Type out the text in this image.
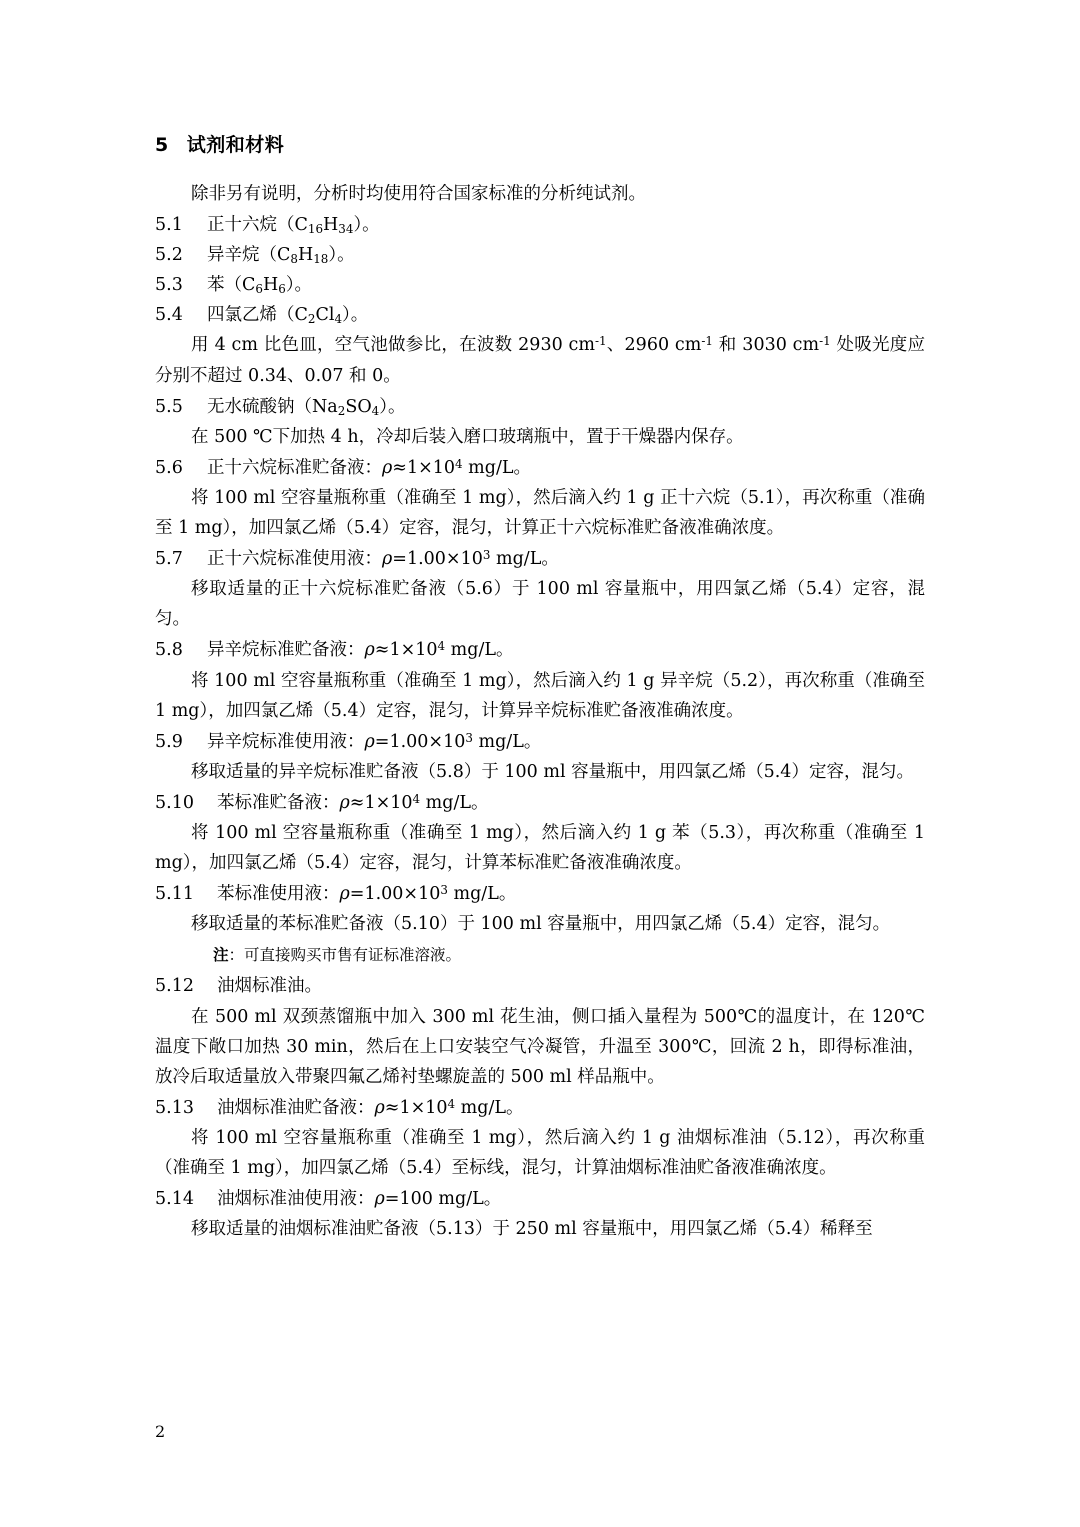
5 试剂和材料

除非另有说明，分析时均使用符合国家标准的分析纯试剂。

5.1 正十六烷$(C_{16}H_{34})$。

5.2 异辛烷$(C_8H_{18})$。

5.3 苯$(C_6H_6)$。

5.4 四氯乙烯$(C_2Cl_4)$。

用 4 cm 比色皿，空气池做参比，在波数 2930 $cm^{-1}$、2960 $cm^{-1}$ 和 3030 $cm^{-1}$ 处吸光度应分别不超过 0.34、0.07 和 0。

5.5 无水硫酸钠$(Na_2SO_4)$。

在 500 ℃下加热 4 h，冷却后装入磨口玻璃瓶中，置于干燥器内保存。

5.6 正十六烷标准贮备液：$\rho\approx 1\times 10^4$ mg/L。

将 100 ml 空容量瓶称重（准确至 1 mg），然后滴入约 1 g 正十六烷（5.1），再次称重（准确至 1 mg），加四氯乙烯（5.4）定容，混匀，计算正十六烷标准贮备液准确浓度。

5.7 正十六烷标准使用液：$\rho=1.00\times 10^3$ mg/L。

移取适量的正十六烷标准贮备液（5.6）于 100 ml 容量瓶中，用四氯乙烯（5.4）定容，混匀。

5.8 异辛烷标准贮备液：$\rho\approx 1\times 10^4$ mg/L。

将 100 ml 空容量瓶称重（准确至 1 mg），然后滴入约 1 g 异辛烷（5.2），再次称重（准确至 1 mg），加四氯乙烯（5.4）定容，混匀，计算异辛烷标准贮备液准确浓度。

5.9 异辛烷标准使用液：$\rho=1.00\times 10^3$ mg/L。

移取适量的异辛烷标准贮备液（5.8）于 100 ml 容量瓶中，用四氯乙烯（5.4）定容，混匀。

5.10 苯标准贮备液：$\rho\approx 1\times 10^4$ mg/L。

将 100 ml 空容量瓶称重（准确至 1 mg），然后滴入约 1 g 苯（5.3），再次称重（准确至 1 mg），加四氯乙烯（5.4）定容，混匀，计算苯标准贮备液准确浓度。

5.11 苯标准使用液：$\rho=1.00\times 10^3$ mg/L。

移取适量的苯标准贮备液（5.10）于 100 ml 容量瓶中，用四氯乙烯（5.4）定容，混匀。

注：可直接购买市售有证标准溶液。

5.12 油烟标准油。

在 500 ml 双颈蒸馏瓶中加入 300 ml 花生油，侧口插入量程为 500℃的温度计，在 120℃温度下敞口加热 30 min，然后在上口安装空气冷凝管，升温至 300℃，回流 2 h，即得标准油，放冷后取适量放入带聚四氟乙烯衬垫螺旋盖的 500 ml 样品瓶中。

5.13 油烟标准油贮备液：$\rho\approx 1\times 10^4$ mg/L。

将 100 ml 空容量瓶称重（准确至 1 mg），然后滴入约 1 g 油烟标准油（5.12），再次称重（准确至 1 mg），加四氯乙烯（5.4）至标线，混匀，计算油烟标准油贮备液准确浓度。

5.14 油烟标准油使用液：ρ=100 mg/L。

移取适量的油烟标准油贮备液（5.13）于 250 ml 容量瓶中，用四氯乙烯（5.4）稀释至

2
